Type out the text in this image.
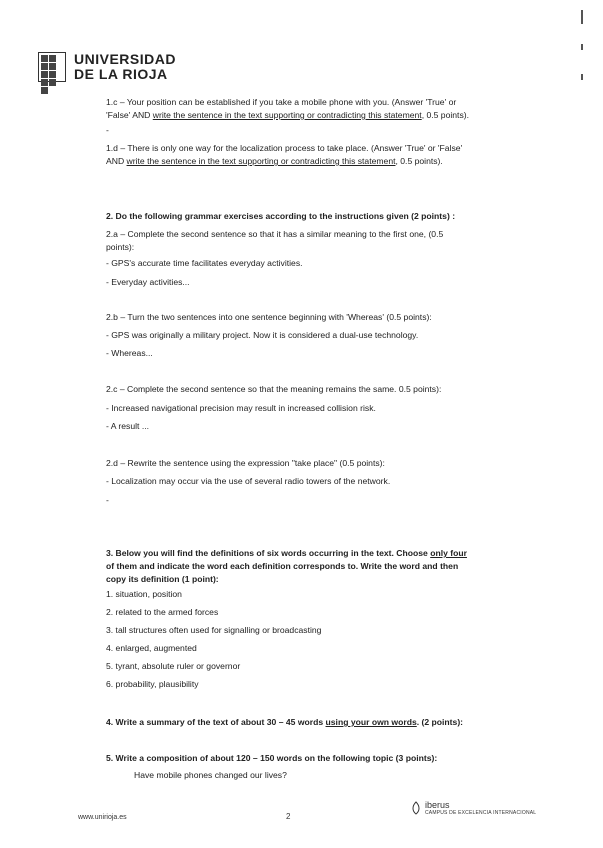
UNIVERSIDAD
DE LA RIOJA
1.c – Your position can be established if you take a mobile phone with you. (Answer 'True' or
'False' AND write the sentence in the text supporting or contradicting this statement, 0.5 points).
-
1.d – There is only one way for the localization process to take place. (Answer 'True' or 'False'
AND write the sentence in the text supporting or contradicting this statement, 0.5 points).
2. Do the following grammar exercises according to the instructions given (2 points) :
2.a – Complete the second sentence so that it has a similar meaning to the first one, (0.5
points):
- GPS's accurate time facilitates everyday activities.
- Everyday activities...
2.b – Turn the two sentences into one sentence beginning with 'Whereas' (0.5 points):
- GPS was originally a military project. Now it is considered a dual-use technology.
- Whereas...
2.c – Complete the second sentence so that the meaning remains the same. 0.5 points):
- Increased navigational precision may result in increased collision risk.
- A result ...
2.d – Rewrite the sentence using the expression "take place" (0.5 points):
- Localization may occur via the use of several radio towers of the network.
-
3. Below you will find the definitions of six words occurring in the text. Choose only four
of them and indicate the word each definition corresponds to. Write the word and then
copy its definition (1 point):
1. situation, position
2. related to the armed forces
3. tall structures often used for signalling or broadcasting
4. enlarged, augmented
5. tyrant, absolute ruler or governor
6. probability, plausibility
4. Write a summary of the text of about 30 – 45 words using your own words. (2 points):
5. Write a composition of about 120 – 150 words on the following topic (3 points):
Have mobile phones changed our lives?
www.unirioja.es	2
iberus
CAMPUS DE EXCELENCIA INTERNACIONAL
